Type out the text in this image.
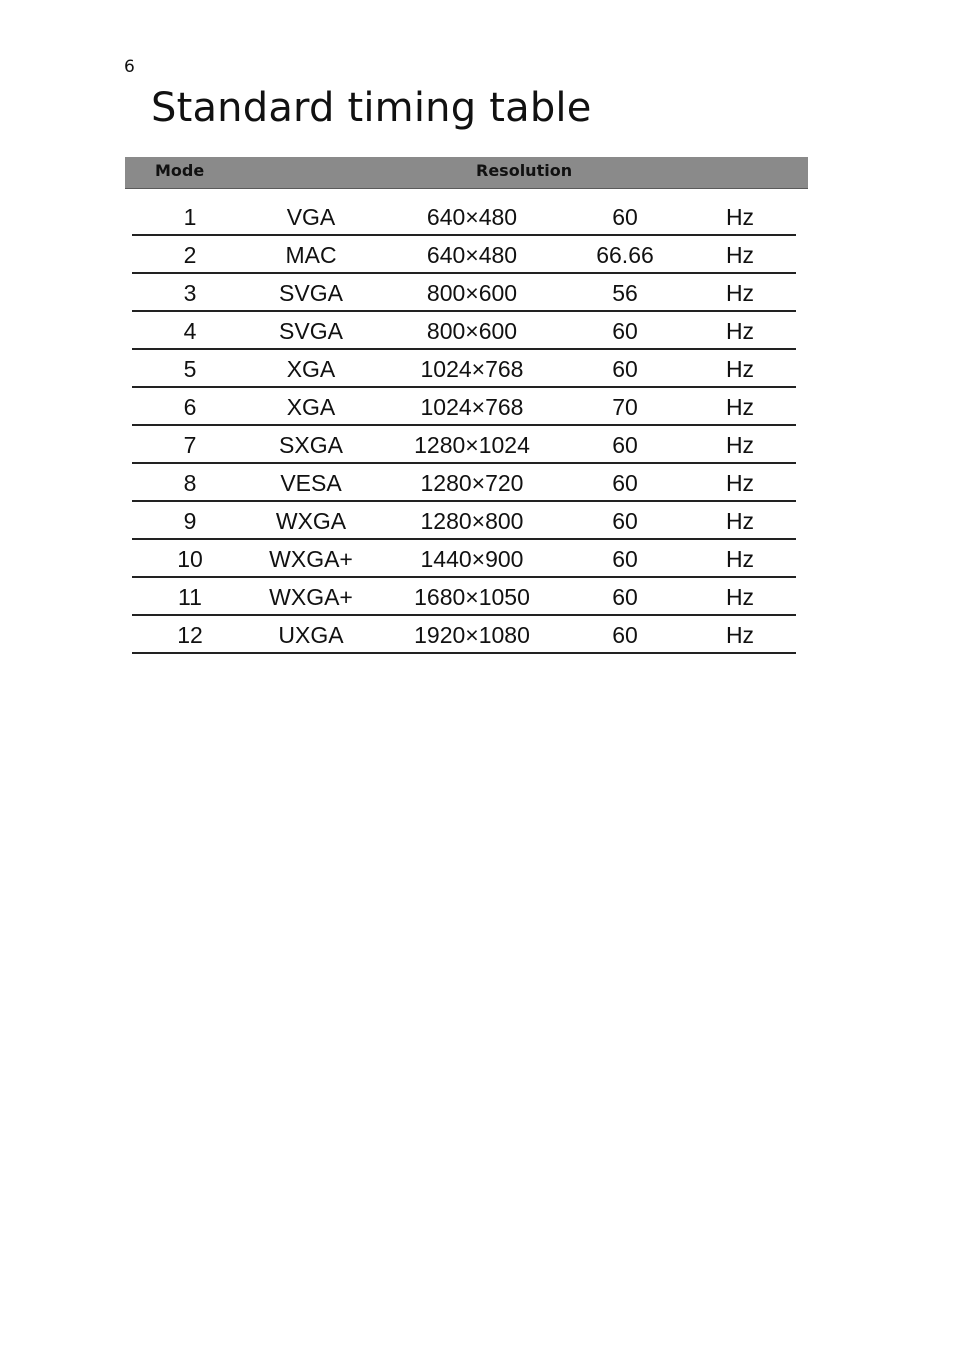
6
Standard timing table
Mode	Resolution
1	VGA	640×480	60	Hz
2	MAC	640×480	66.66	Hz
3	SVGA	800×600	56	Hz
4	SVGA	800×600	60	Hz
5	XGA	1024×768	60	Hz
6	XGA	1024×768	70	Hz
7	SXGA	1280×1024	60	Hz
8	VESA	1280×720	60	Hz
9	WXGA	1280×800	60	Hz
10	WXGA+	1440×900	60	Hz
11	WXGA+	1680×1050	60	Hz
12	UXGA	1920×1080	60	Hz
